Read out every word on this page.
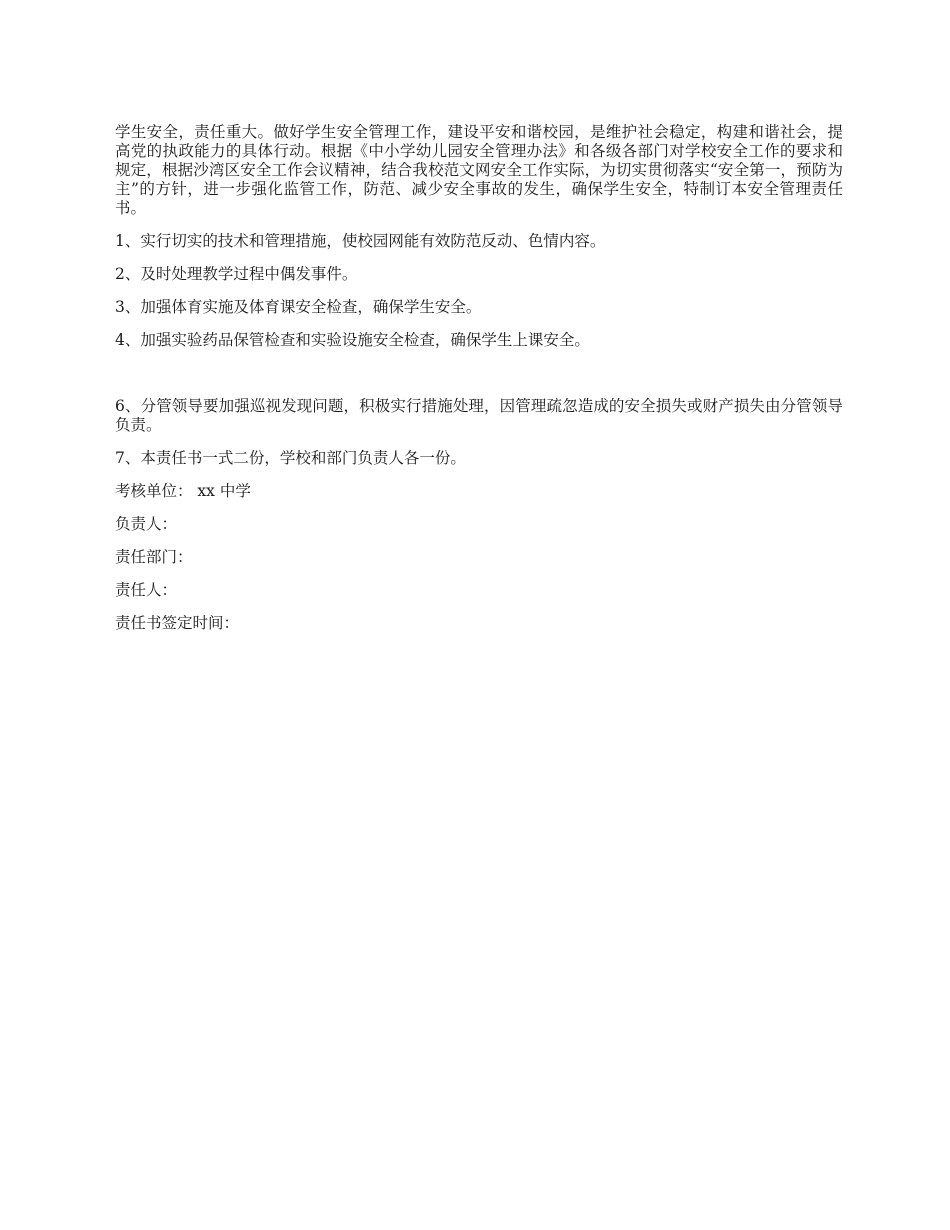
学生安全，责任重大。做好学生安全管理工作，建设平安和谐校园，是维护社会稳定，构建和谐社会，提高党的执政能力的具体行动。根据《中小学幼儿园安全管理办法》和各级各部门对学校安全工作的要求和规定，根据沙湾区安全工作会议精神，结合我校范文网安全工作实际，为切实贯彻落实“安全第一，预防为主”的方针，进一步强化监管工作，防范、减少安全事故的发生，确保学生安全，特制订本安全管理责任书。

1、实行切实的技术和管理措施，使校园网能有效防范反动、色情内容。

2、及时处理教学过程中偶发事件。

3、加强体育实施及体育课安全检查，确保学生安全。

4、加强实验药品保管检查和实验设施安全检查，确保学生上课安全。

6、分管领导要加强巡视发现问题，积极实行措施处理，因管理疏忽造成的安全损失或财产损失由分管领导负责。

7、本责任书一式二份，学校和部门负责人各一份。

考核单位： xx 中学

负责人：

责任部门：

责任人：

责任书签定时间：
